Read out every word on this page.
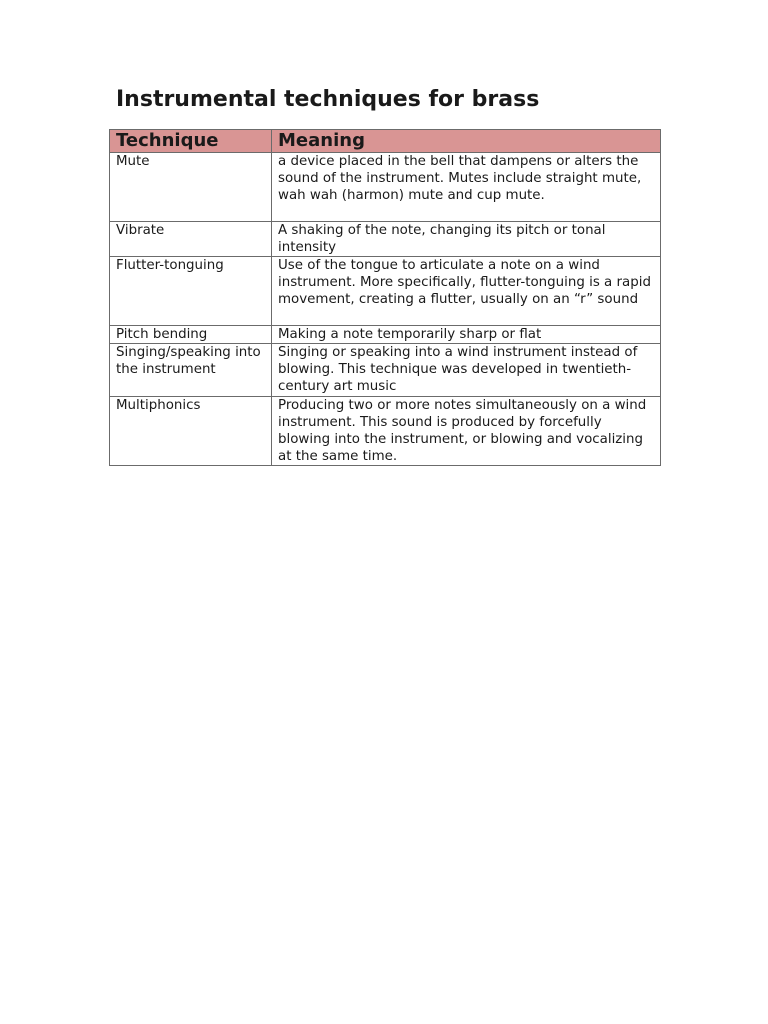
Instrumental techniques for brass
Technique	Meaning
Mute	a device placed in the bell that dampens or alters the sound of the instrument. Mutes include straight mute, wah wah (harmon) mute and cup mute.
Vibrate	A shaking of the note, changing its pitch or tonal intensity
Flutter-tonguing	Use of the tongue to articulate a note on a wind instrument. More specifically, flutter-tonguing is a rapid movement, creating a flutter, usually on an “r” sound
Pitch bending	Making a note temporarily sharp or flat
Singing/speaking into the instrument	Singing or speaking into a wind instrument instead of blowing. This technique was developed in twentieth-century art music
Multiphonics	Producing two or more notes simultaneously on a wind instrument. This sound is produced by forcefully blowing into the instrument, or blowing and vocalizing at the same time.
